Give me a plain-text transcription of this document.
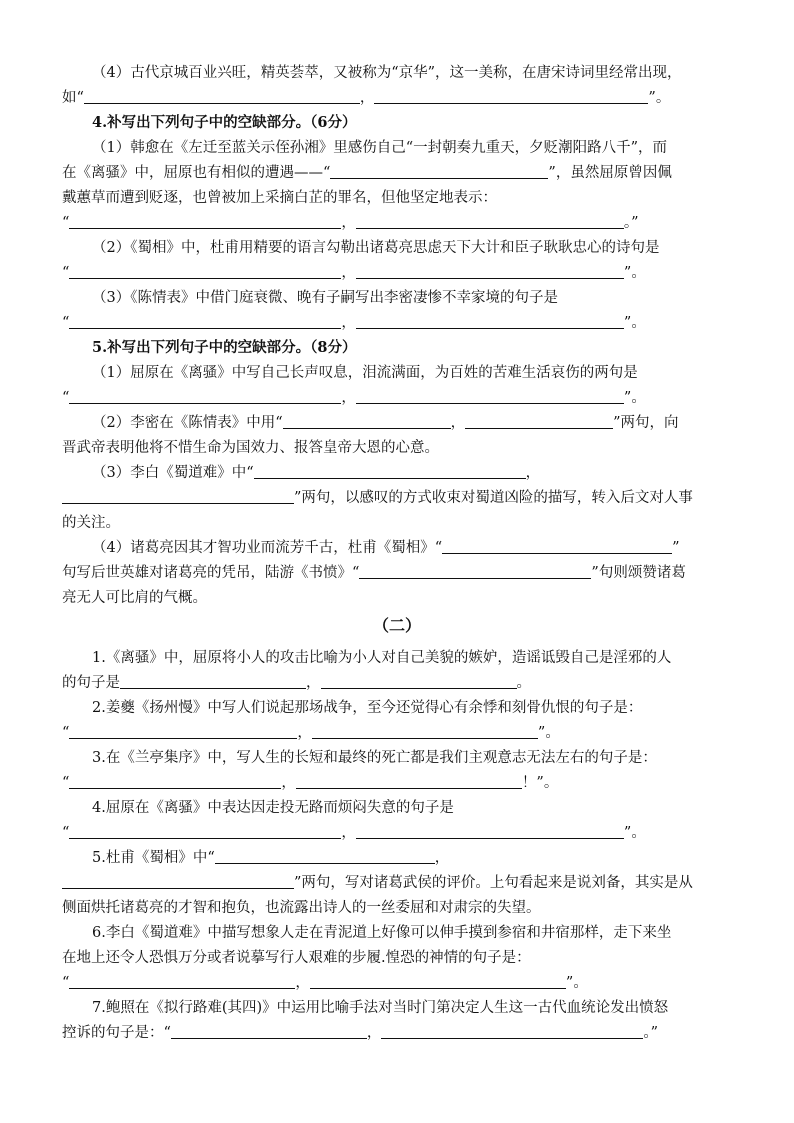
（4）古代京城百业兴旺，精英荟萃，又被称为“京华”，这一美称，在唐宋诗词里经常出现，
如“	，	”。
4.补写出下列句子中的空缺部分。（6分）
（1）韩愈在《左迁至蓝关示侄孙湘》里感伤自己“一封朝奏九重天，夕贬潮阳路八千”，而
在《离骚》中，屈原也有相似的遭遇——“	”，虽然屈原曾因佩
戴蕙草而遭到贬逐，也曾被加上采摘白芷的罪名，但他坚定地表示：
“	，	。”
（2）《蜀相》中，杜甫用精要的语言勾勒出诸葛亮思虑天下大计和臣子耿耿忠心的诗句是
“	，	”。
（3）《陈情表》中借门庭衰微、晚有子嗣写出李密凄惨不幸家境的句子是
“	，	”。
5.补写出下列句子中的空缺部分。（8分）
（1）屈原在《离骚》中写自己长声叹息，泪流满面，为百姓的苦难生活哀伤的两句是
“	，	”。
（2）李密在《陈情表》中用“	，	”两句，向
晋武帝表明他将不惜生命为国效力、报答皇帝大恩的心意。
（3）李白《蜀道难》中“	，
”两句，以感叹的方式收束对蜀道凶险的描写，转入后文对人事
的关注。
（4）诸葛亮因其才智功业而流芳千古，杜甫《蜀相》“	”
句写后世英雄对诸葛亮的凭吊，陆游《书愤》“	”句则颂赞诸葛
亮无人可比肩的气概。
（二）
1.《离骚》中，屈原将小人的攻击比喻为小人对自己美貌的嫉妒，造谣诋毁自己是淫邪的人
的句子是	，	。
2.姜夔《扬州慢》中写人们说起那场战争，至今还觉得心有余悸和刻骨仇恨的句子是：
“	，	”。
3.在《兰亭集序》中，写人生的长短和最终的死亡都是我们主观意志无法左右的句子是：
“	，	！”。
4.屈原在《离骚》中表达因走投无路而烦闷失意的句子是
“	，	”。
5.杜甫《蜀相》中“	，
”两句，写对诸葛武侯的评价。上句看起来是说刘备，其实是从
侧面烘托诸葛亮的才智和抱负，也流露出诗人的一丝委屈和对肃宗的失望。
6.李白《蜀道难》中描写想象人走在青泥道上好像可以伸手摸到参宿和井宿那样，走下来坐
在地上还令人恐惧万分或者说摹写行人艰难的步履.惶恐的神情的句子是：
“	，	”。
7.鲍照在《拟行路难(其四)》中运用比喻手法对当时门第决定人生这一古代血统论发出愤怒
控诉的句子是：“	，	。”
